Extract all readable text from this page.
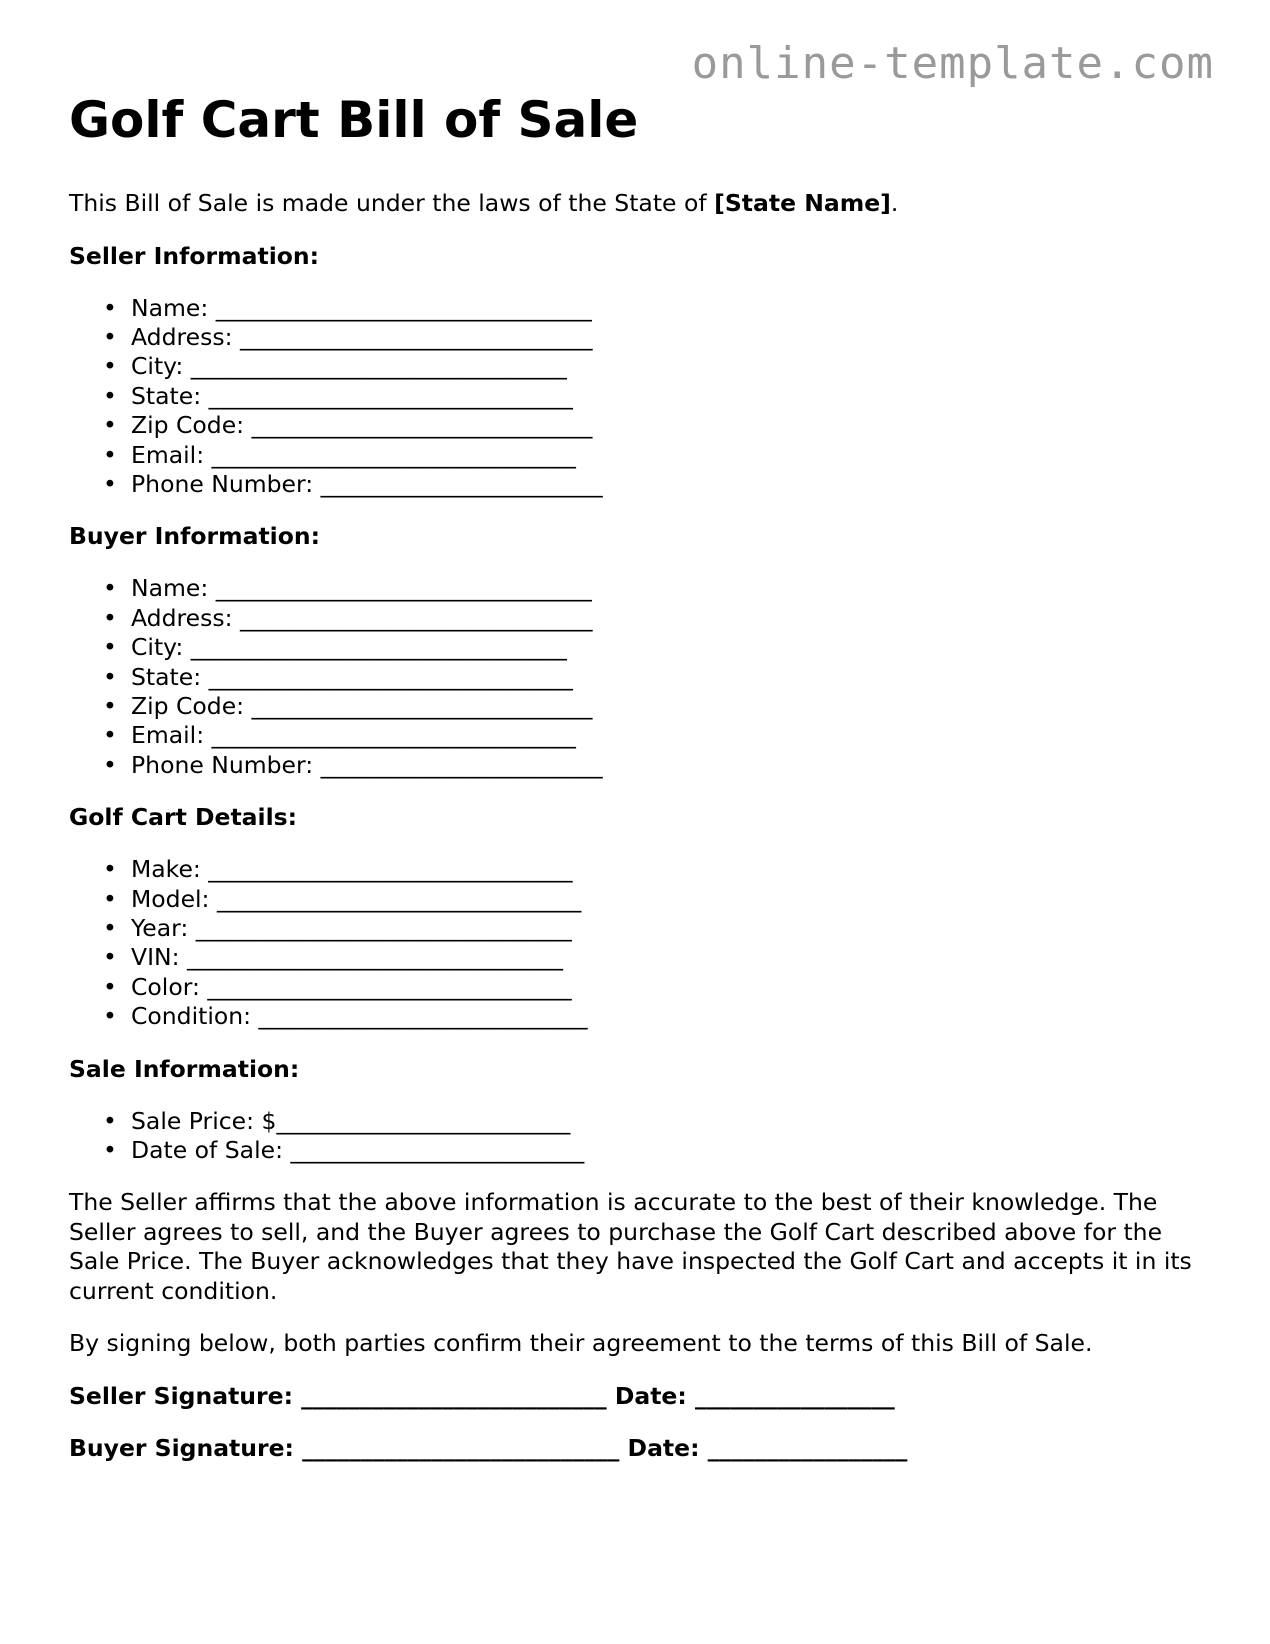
online-template.com
Golf Cart Bill of Sale

This Bill of Sale is made under the laws of the State of [State Name].

Seller Information:
• Name: ________________________________
• Address: ______________________________
• City: ________________________________
• State: _______________________________
• Zip Code: _____________________________
• Email: _______________________________
• Phone Number: ________________________
Buyer Information:
• Name: ________________________________
• Address: ______________________________
• City: ________________________________
• State: _______________________________
• Zip Code: _____________________________
• Email: _______________________________
• Phone Number: ________________________
Golf Cart Details:
• Make: _______________________________
• Model: _______________________________
• Year: ________________________________
• VIN: ________________________________
• Color: _______________________________
• Condition: ____________________________
Sale Information:
• Sale Price: $_________________________
• Date of Sale: _________________________

The Seller affirms that the above information is accurate to the best of their knowledge. The Seller agrees to sell, and the Buyer agrees to purchase the Golf Cart described above for the Sale Price. The Buyer acknowledges that they have inspected the Golf Cart and accepts it in its current condition.

By signing below, both parties confirm their agreement to the terms of this Bill of Sale.

Seller Signature: __________________________ Date: _________________
Buyer Signature: ___________________________ Date: _________________
